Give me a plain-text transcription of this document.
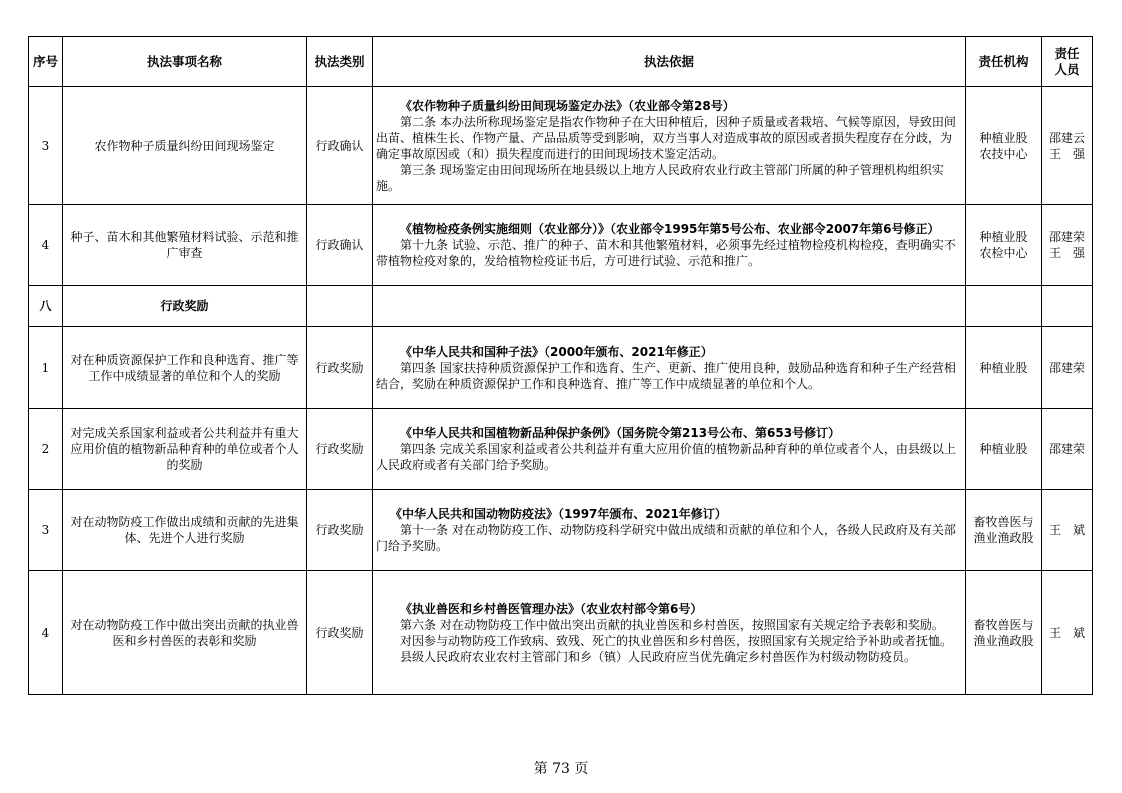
序号	执法事项名称	执法类别	执法依据	责任机构	责任
人员

3	农作物种子质量纠纷田间现场鉴定	行政确认	《农作物种子质量纠纷田间现场鉴定办法》（农业部令第28号）
第二条 本办法所称现场鉴定是指农作物种子在大田种植后，因种子质量或者栽培、气候等原因，导致田间出苗、植株生长、作物产量、产品品质等受到影响，双方当事人对造成事故的原因或者损失程度存在分歧，为确定事故原因或（和）损失程度而进行的田间现场技术鉴定活动。
第三条 现场鉴定由田间现场所在地县级以上地方人民政府农业行政主管部门所属的种子管理机构组织实施。	种植业股
农技中心	邵建云
王　强

4	种子、苗木和其他繁殖材料试验、示范和推广审查	行政确认	《植物检疫条例实施细则（农业部分）》（农业部令1995年第5号公布、农业部令2007年第6号修正）
第十九条 试验、示范、推广的种子、苗木和其他繁殖材料，必须事先经过植物检疫机构检疫，查明确实不带植物检疫对象的，发给植物检疫证书后，方可进行试验、示范和推广。	种植业股
农检中心	邵建荣
王　强

八	行政奖励				
1	对在种质资源保护工作和良种选育、推广等工作中成绩显著的单位和个人的奖励	行政奖励	《中华人民共和国种子法》（2000年颁布、2021年修正）
第四条 国家扶持种质资源保护工作和选育、生产、更新、推广使用良种，鼓励品种选育和种子生产经营相结合，奖励在种质资源保护工作和良种选育、推广等工作中成绩显著的单位和个人。	种植业股	邵建荣

2	对完成关系国家利益或者公共利益并有重大应用价值的植物新品种育种的单位或者个人的奖励	行政奖励	《中华人民共和国植物新品种保护条例》（国务院令第213号公布、第653号修订）
第四条 完成关系国家利益或者公共利益并有重大应用价值的植物新品种育种的单位或者个人，由县级以上人民政府或者有关部门给予奖励。	种植业股	邵建荣

3	对在动物防疫工作做出成绩和贡献的先进集体、先进个人进行奖励	行政奖励	《中华人民共和国动物防疫法》（1997年颁布、2021年修订）
第十一条 对在动物防疫工作、动物防疫科学研究中做出成绩和贡献的单位和个人，各级人民政府及有关部门给予奖励。	畜牧兽医与
渔业渔政股	王　斌

4	对在动物防疫工作中做出突出贡献的执业兽医和乡村兽医的表彰和奖励	行政奖励	《执业兽医和乡村兽医管理办法》（农业农村部令第6号）
第六条 对在动物防疫工作中做出突出贡献的执业兽医和乡村兽医，按照国家有关规定给予表彰和奖励。
对因参与动物防疫工作致病、致残、死亡的执业兽医和乡村兽医，按照国家有关规定给予补助或者抚恤。
县级人民政府农业农村主管部门和乡（镇）人民政府应当优先确定乡村兽医作为村级动物防疫员。	畜牧兽医与
渔业渔政股	王　斌
第 73 页
